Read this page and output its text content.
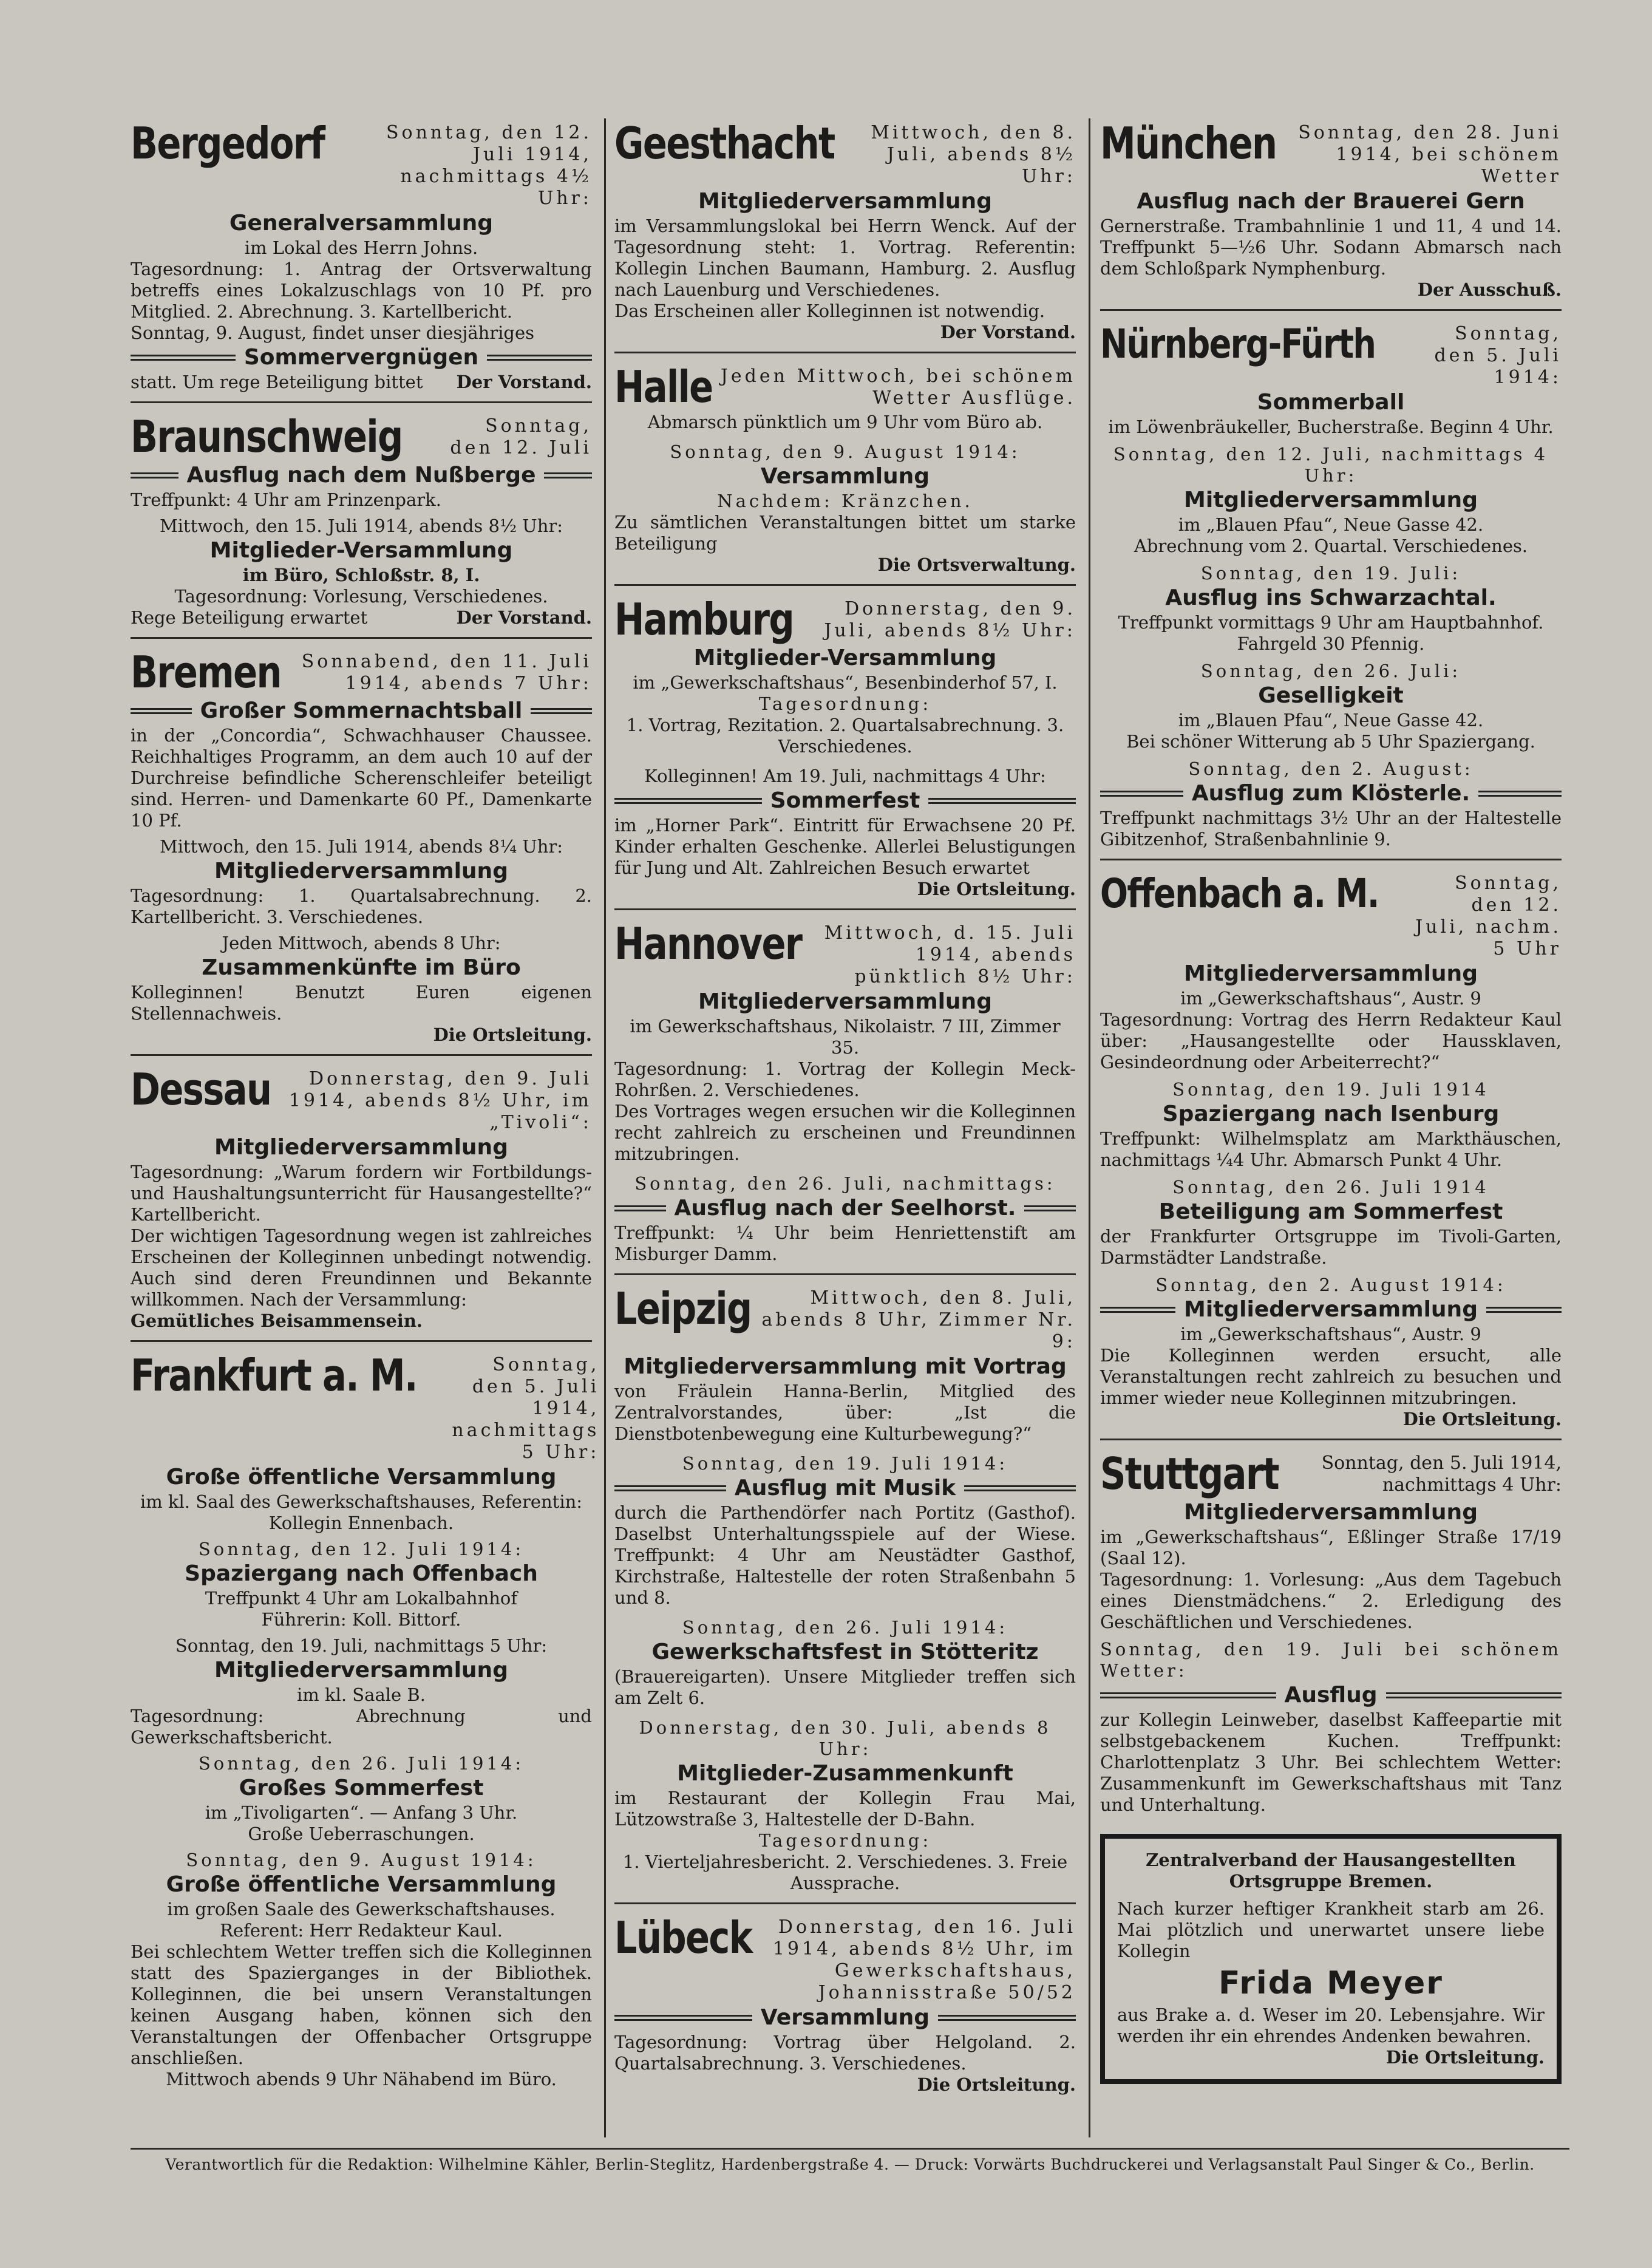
Bergedorf	Sonntag, den 12. Juli 1914, nachmittags 4½ Uhr:
Generalversammlung
im Lokal des Herrn Johns.
Tagesordnung: 1. Antrag der Ortsverwaltung betreffs eines Lokalzuschlags von 10 Pf. pro Mitglied. 2. Abrechnung. 3. Kartellbericht.
Sonntag, 9. August, findet unser diesjähriges
Sommervergnügen
statt. Um rege Beteiligung bittet Der Vorstand.
Braunschweig	Sonntag, den 12. Juli
Ausflug nach dem Nußberge
Treffpunkt: 4 Uhr am Prinzenpark.
Mittwoch, den 15. Juli 1914, abends 8½ Uhr:
Mitglieder-Versammlung
im Büro, Schloßstr. 8, I.
Tagesordnung: Vorlesung, Verschiedenes.
Rege Beteiligung erwartet	Der Vorstand.
Bremen	Sonnabend, den 11. Juli 1914, abends 7 Uhr:
Großer Sommernachtsball
in der „Concordia“, Schwachhauser Chaussee. Reichhaltiges Programm, an dem auch 10 auf der Durchreise befindliche Scherenschleifer beteiligt sind. Herren- und Damenkarte 60 Pf., Damenkarte 10 Pf.
Mittwoch, den 15. Juli 1914, abends 8¼ Uhr:
Mitgliederversammlung
Tagesordnung: 1. Quartalsabrechnung. 2. Kartellbericht. 3. Verschiedenes.
Jeden Mittwoch, abends 8 Uhr:
Zusammenkünfte im Büro
Kolleginnen! Benutzt Euren eigenen Stellennachweis.
Die Ortsleitung.
Dessau	Donnerstag, den 9. Juli 1914, abends 8½ Uhr, im „Tivoli“:
Mitgliederversammlung
Tagesordnung: „Warum fordern wir Fortbildungs- und Haushaltungsunterricht für Hausangestellte?“ Kartellbericht.
Der wichtigen Tagesordnung wegen ist zahlreiches Erscheinen der Kolleginnen unbedingt notwendig. Auch sind deren Freundinnen und Bekannte willkommen. Nach der Versammlung:
Gemütliches Beisammensein.
Frankfurt a. M.	Sonntag, den 5. Juli 1914, nachmittags 5 Uhr:
Große öffentliche Versammlung
im kl. Saal des Gewerkschaftshauses, Referentin: Kollegin Ennenbach.
Sonntag, den 12. Juli 1914:
Spaziergang nach Offenbach
Treffpunkt 4 Uhr am Lokalbahnhof
Führerin: Koll. Bittorf.
Sonntag, den 19. Juli, nachmittags 5 Uhr:
Mitgliederversammlung
im kl. Saale B.
Tagesordnung: Abrechnung und Gewerkschaftsbericht.
Sonntag, den 26. Juli 1914:
Großes Sommerfest
im „Tivoligarten“. — Anfang 3 Uhr.
Große Ueberraschungen.
Sonntag, den 9. August 1914:
Große öffentliche Versammlung
im großen Saale des Gewerkschaftshauses.
Referent: Herr Redakteur Kaul.
Bei schlechtem Wetter treffen sich die Kolleginnen statt des Spazierganges in der Bibliothek. Kolleginnen, die bei unsern Veranstaltungen keinen Ausgang haben, können sich den Veranstaltungen der Offenbacher Ortsgruppe anschließen.
Mittwoch abends 9 Uhr Nähabend im Büro.
Geesthacht	Mittwoch, den 8. Juli, abends 8½ Uhr:
Mitgliederversammlung
im Versammlungslokal bei Herrn Wenck. Auf der Tagesordnung steht: 1. Vortrag. Referentin: Kollegin Linchen Baumann, Hamburg. 2. Ausflug nach Lauenburg und Verschiedenes.
Das Erscheinen aller Kolleginnen ist notwendig.
Der Vorstand.
Halle Jeden Mittwoch, bei schönem Wetter Ausflüge.
Abmarsch pünktlich um 9 Uhr vom Büro ab.
Sonntag, den 9. August 1914:
Versammlung
Nachdem: Kränzchen.
Zu sämtlichen Veranstaltungen bittet um starke Beteiligung
Die Ortsverwaltung.
Hamburg	Donnerstag, den 9. Juli, abends 8½ Uhr:
Mitglieder-Versammlung
im „Gewerkschaftshaus“, Besenbinderhof 57, I.
Tagesordnung:
1. Vortrag, Rezitation. 2. Quartalsabrechnung. 3. Verschiedenes.
Kolleginnen! Am 19. Juli, nachmittags 4 Uhr:
Sommerfest
im „Horner Park“. Eintritt für Erwachsene 20 Pf. Kinder erhalten Geschenke. Allerlei Belustigungen für Jung und Alt. Zahlreichen Besuch erwartet
Die Ortsleitung.
Hannover	Mittwoch, d. 15. Juli 1914, abends pünktlich 8½ Uhr:
Mitgliederversammlung
im Gewerkschaftshaus, Nikolaistr. 7 III, Zimmer 35.
Tagesordnung: 1. Vortrag der Kollegin Meck-Rohrßen. 2. Verschiedenes.
Des Vortrages wegen ersuchen wir die Kolleginnen recht zahlreich zu erscheinen und Freundinnen mitzubringen.
Sonntag, den 26. Juli, nachmittags:
Ausflug nach der Seelhorst.
Treffpunkt: ¼ Uhr beim Henriettenstift am Misburger Damm.
Leipzig	Mittwoch, den 8. Juli, abends 8 Uhr, Zimmer Nr. 9:
Mitgliederversammlung mit Vortrag
von Fräulein Hanna-Berlin, Mitglied des Zentralvorstandes, über: „Ist die Dienstbotenbewegung eine Kulturbewegung?“
Sonntag, den 19. Juli 1914:
Ausflug mit Musik
durch die Parthendörfer nach Portitz (Gasthof). Daselbst Unterhaltungsspiele auf der Wiese. Treffpunkt: 4 Uhr am Neustädter Gasthof, Kirchstraße, Haltestelle der roten Straßenbahn 5 und 8.
Sonntag, den 26. Juli 1914:
Gewerkschaftsfest in Stötteritz
(Brauereigarten). Unsere Mitglieder treffen sich am Zelt 6.
Donnerstag, den 30. Juli, abends 8 Uhr:
Mitglieder-Zusammenkunft
im Restaurant der Kollegin Frau Mai, Lützowstraße 3, Haltestelle der D-Bahn.
Tagesordnung:
1. Vierteljahresbericht. 2. Verschiedenes. 3. Freie Aussprache.
Lübeck	Donnerstag, den 16. Juli 1914, abends 8½ Uhr, im Gewerkschaftshaus, Johannisstraße 50/52
Versammlung
Tagesordnung: Vortrag über Helgoland. 2. Quartalsabrechnung. 3. Verschiedenes.
Die Ortsleitung.
München	Sonntag, den 28. Juni 1914, bei schönem Wetter
Ausflug nach der Brauerei Gern
Gernerstraße. Trambahnlinie 1 und 11, 4 und 14. Treffpunkt 5—½6 Uhr. Sodann Abmarsch nach dem Schloßpark Nymphenburg.
Der Ausschuß.
Nürnberg-Fürth	Sonntag, den 5. Juli 1914:
Sommerball
im Löwenbräukeller, Bucherstraße. Beginn 4 Uhr.
Sonntag, den 12. Juli, nachmittags 4 Uhr:
Mitgliederversammlung
im „Blauen Pfau“, Neue Gasse 42.
Abrechnung vom 2. Quartal. Verschiedenes.
Sonntag, den 19. Juli:
Ausflug ins Schwarzachtal.
Treffpunkt vormittags 9 Uhr am Hauptbahnhof. Fahrgeld 30 Pfennig.
Sonntag, den 26. Juli:
Geselligkeit
im „Blauen Pfau“, Neue Gasse 42.
Bei schöner Witterung ab 5 Uhr Spaziergang.
Sonntag, den 2. August:
Ausflug zum Klösterle.
Treffpunkt nachmittags 3½ Uhr an der Haltestelle Gibitzenhof, Straßenbahnlinie 9.
Offenbach a. M.	Sonntag, den 12. Juli, nachm. 5 Uhr
Mitgliederversammlung
im „Gewerkschaftshaus“, Austr. 9
Tagesordnung: Vortrag des Herrn Redakteur Kaul über: „Hausangestellte oder Haussklaven, Gesindeordnung oder Arbeiterrecht?“
Sonntag, den 19. Juli 1914
Spaziergang nach Isenburg
Treffpunkt: Wilhelmsplatz am Markthäuschen, nachmittags ¼4 Uhr. Abmarsch Punkt 4 Uhr.
Sonntag, den 26. Juli 1914
Beteiligung am Sommerfest
der Frankfurter Ortsgruppe im Tivoli-Garten, Darmstädter Landstraße.
Sonntag, den 2. August 1914:
Mitgliederversammlung
im „Gewerkschaftshaus“, Austr. 9
Die Kolleginnen werden ersucht, alle Veranstaltungen recht zahlreich zu besuchen und immer wieder neue Kolleginnen mitzubringen.
Die Ortsleitung.
Stuttgart	Sonntag, den 5. Juli 1914, nachmittags 4 Uhr:
Mitgliederversammlung
im „Gewerkschaftshaus“, Eßlinger Straße 17/19 (Saal 12).
Tagesordnung: 1. Vorlesung: „Aus dem Tagebuch eines Dienstmädchens.“ 2. Erledigung des Geschäftlichen und Verschiedenes.
Sonntag, den 19. Juli bei schönem Wetter:
Ausflug
zur Kollegin Leinweber, daselbst Kaffeepartie mit selbstgebackenem Kuchen. Treffpunkt: Charlottenplatz 3 Uhr. Bei schlechtem Wetter: Zusammenkunft im Gewerkschaftshaus mit Tanz und Unterhaltung.
Zentralverband der Hausangestellten
Ortsgruppe Bremen.
Nach kurzer heftiger Krankheit starb am 26. Mai plötzlich und unerwartet unsere liebe Kollegin
Frida Meyer
aus Brake a. d. Weser im 20. Lebensjahre. Wir werden ihr ein ehrendes Andenken bewahren.
Die Ortsleitung.
Verantwortlich für die Redaktion: Wilhelmine Kähler, Berlin-Steglitz, Hardenbergstraße 4. — Druck: Vorwärts Buchdruckerei und Verlagsanstalt Paul Singer & Co., Berlin.
